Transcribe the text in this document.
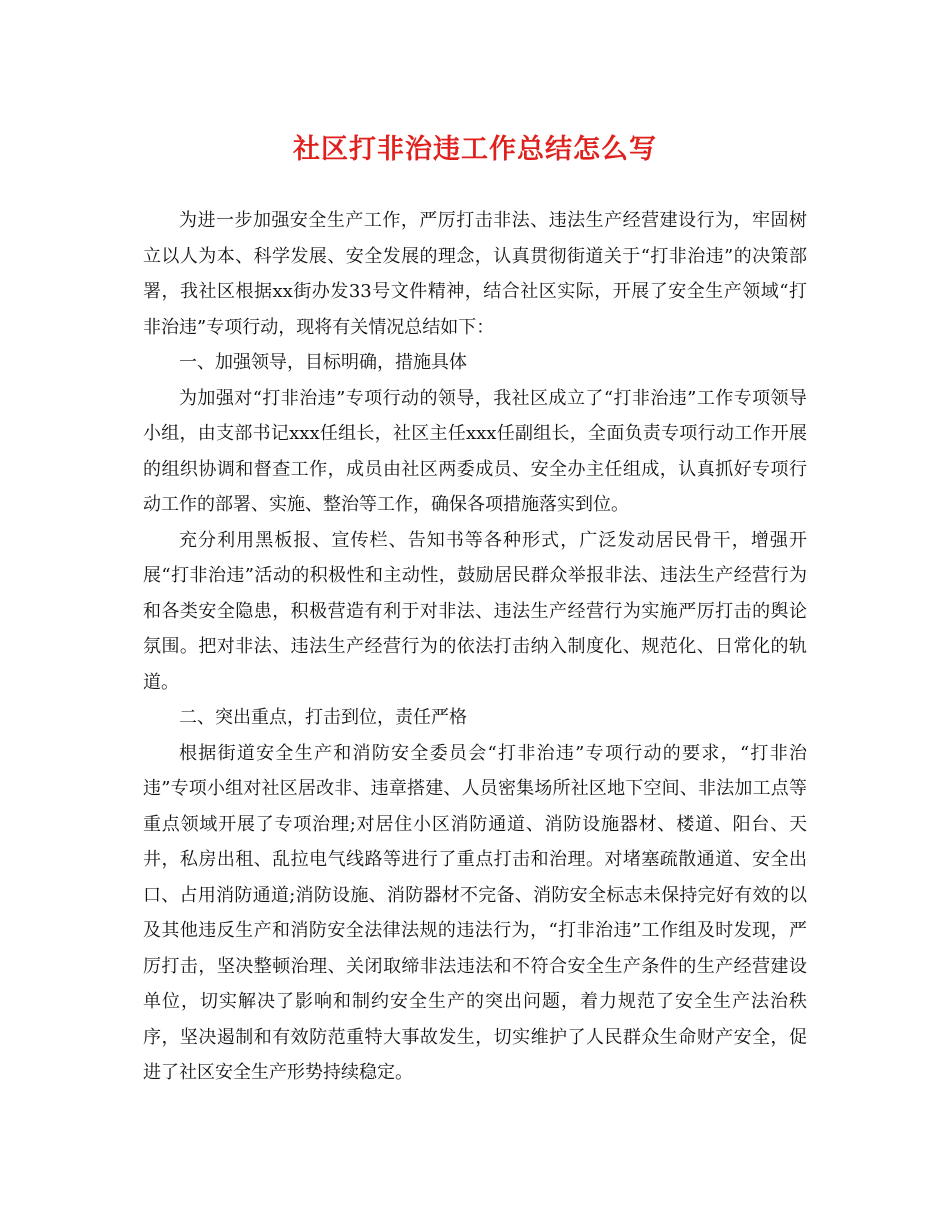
社区打非治违工作总结怎么写

为进一步加强安全生产工作，严厉打击非法、违法生产经营建设行为，牢固树立以人为本、科学发展、安全发展的理念，认真贯彻街道关于“打非治违”的决策部署，我社区根据xx街办发33号文件精神，结合社区实际，开展了安全生产领域“打非治违”专项行动，现将有关情况总结如下：

一、加强领导，目标明确，措施具体

为加强对“打非治违”专项行动的领导，我社区成立了“打非治违”工作专项领导小组，由支部书记xxx任组长，社区主任xxx任副组长，全面负责专项行动工作开展的组织协调和督查工作，成员由社区两委成员、安全办主任组成，认真抓好专项行动工作的部署、实施、整治等工作，确保各项措施落实到位。

充分利用黑板报、宣传栏、告知书等各种形式，广泛发动居民骨干，增强开展“打非治违”活动的积极性和主动性，鼓励居民群众举报非法、违法生产经营行为和各类安全隐患，积极营造有利于对非法、违法生产经营行为实施严厉打击的舆论氛围。把对非法、违法生产经营行为的依法打击纳入制度化、规范化、日常化的轨道。

二、突出重点，打击到位，责任严格

根据街道安全生产和消防安全委员会“打非治违”专项行动的要求，“打非治违”专项小组对社区居改非、违章搭建、人员密集场所社区地下空间、非法加工点等重点领域开展了专项治理;对居住小区消防通道、消防设施器材、楼道、阳台、天井，私房出租、乱拉电气线路等进行了重点打击和治理。对堵塞疏散通道、安全出口、占用消防通道;消防设施、消防器材不完备、消防安全标志未保持完好有效的以及其他违反生产和消防安全法律法规的违法行为，“打非治违”工作组及时发现，严厉打击，坚决整顿治理、关闭取缔非法违法和不符合安全生产条件的生产经营建设单位，切实解决了影响和制约安全生产的突出问题，着力规范了安全生产法治秩序，坚决遏制和有效防范重特大事故发生，切实维护了人民群众生命财产安全，促进了社区安全生产形势持续稳定。
